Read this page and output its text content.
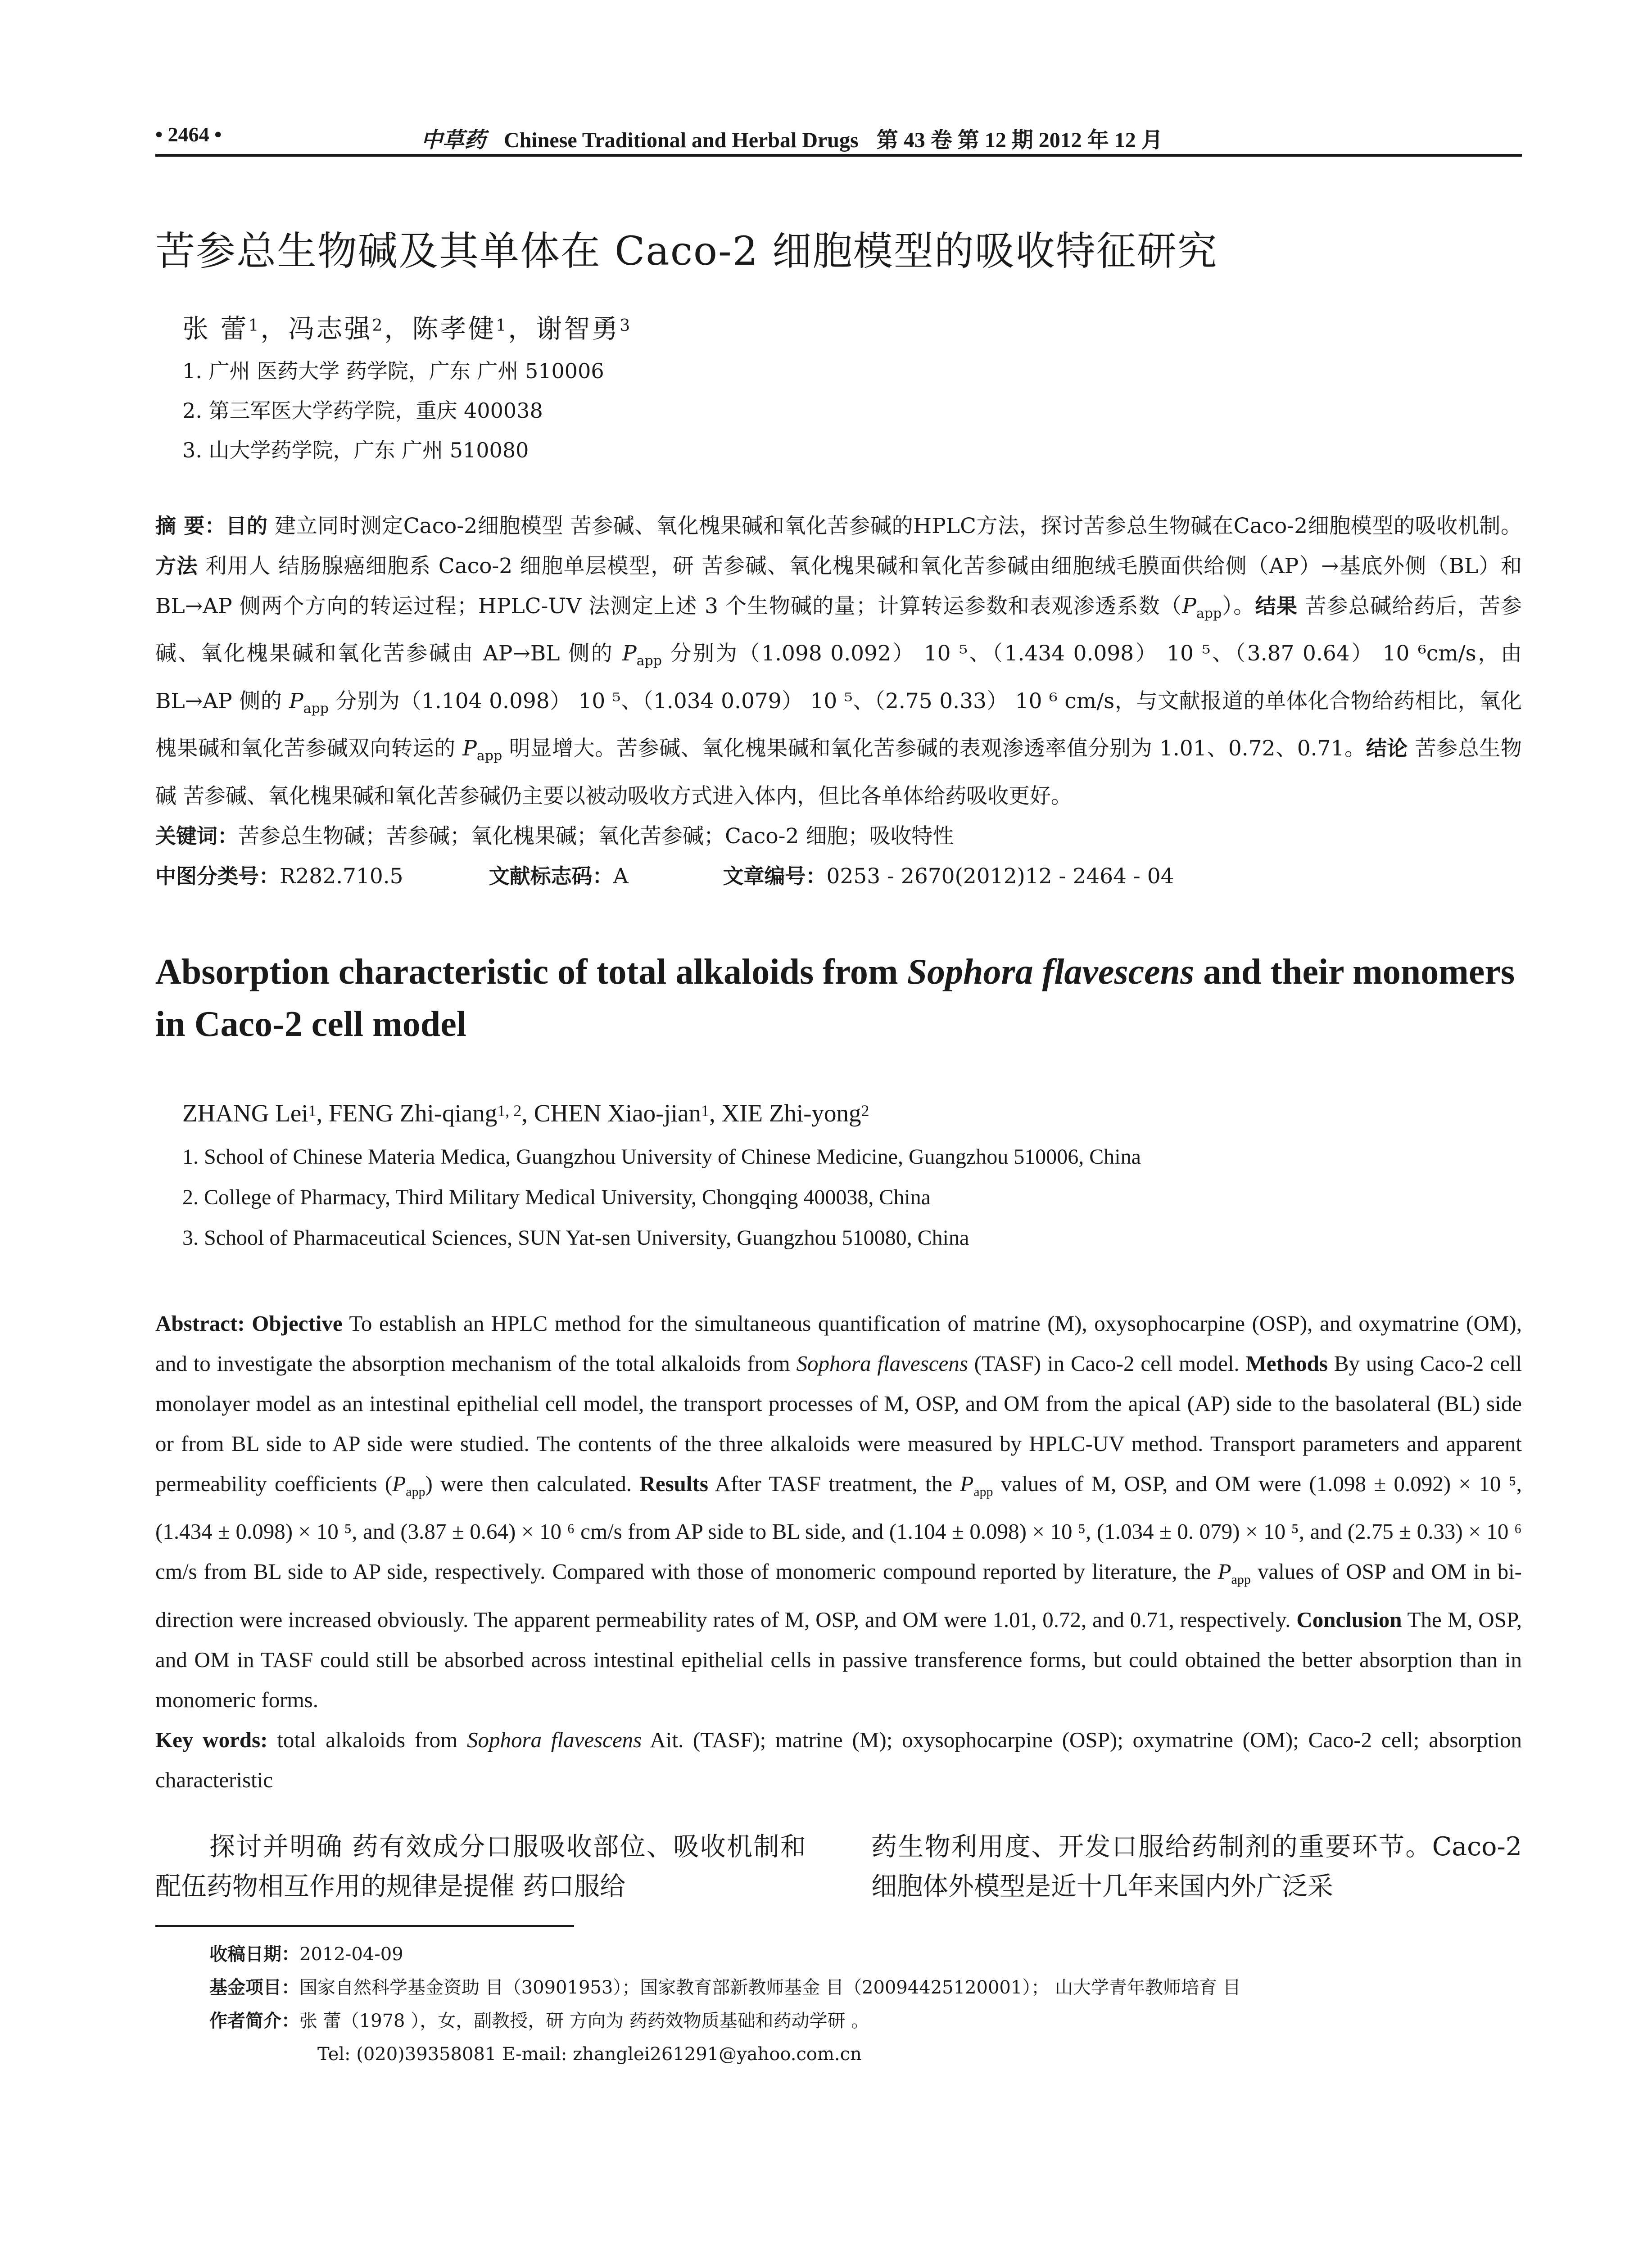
• 2464 •	中草药 Chinese Traditional and Herbal Drugs 第 43 卷 第 12 期 2012 年 12 月
苦参总生物碱及其单体在 Caco-2 细胞模型的吸收特征研究
张 蕾$^1$，冯志强$^2$，陈孝健$^1$，谢智勇$^3$
1. 广州 医药大学 药学院，广东 广州 510006
2. 第三军医大学药学院，重庆 400038
3. 山大学药学院，广东 广州 510080
摘 要：目的 建立同时测定Caco-2细胞模型 苦参碱、氧化槐果碱和氧化苦参碱的HPLC方法，探讨苦参总生物碱在Caco-2细胞模型的吸收机制。方法 利用人 结肠腺癌细胞系 Caco-2 细胞单层模型，研 苦参碱、氧化槐果碱和氧化苦参碱由细胞绒毛膜面供给侧（AP）→基底外侧（BL）和 BL→AP 侧两个方向的转运过程；HPLC-UV 法测定上述 3 个生物碱的量；计算转运参数和表观渗透系数$(P_{app})$。结果 苦参总碱给药后，苦参碱、氧化槐果碱和氧化苦参碱由 AP→BL 侧的 $P_{app}$ 分别为（1.098 0.092） 10 ⁵、（1.434 0.098） 10 ⁵、（3.87 0.64） 10 ⁶cm/s，由 BL→AP 侧的 $P_{app}$ 分别为（1.104 0.098） 10 ⁵、（1.034 0.079） 10 ⁵、（2.75 0.33） 10 ⁶ cm/s，与文献报道的单体化合物给药相比，氧化槐果碱和氧化苦参碱双向转运的 $P_{app}$ 明显增大。苦参碱、氧化槐果碱和氧化苦参碱的表观渗透率值分别为 1.01、0.72、0.71。结论 苦参总生物碱 苦参碱、氧化槐果碱和氧化苦参碱仍主要以被动吸收方式进入体内，但比各单体给药吸收更好。
关键词：苦参总生物碱；苦参碱；氧化槐果碱；氧化苦参碱；Caco-2 细胞；吸收特性
中图分类号：R282.710.5	文献标志码：A	文章编号：0253 - 2670(2012)12 - 2464 - 04
Absorption characteristic of total alkaloids from Sophora flavescens and their monomers in Caco-2 cell model
ZHANG Lei$^1$, FENG Zhi-qiang$^{1, 2}$, CHEN Xiao-jian$^1$, XIE Zhi-yong$^2$
1. School of Chinese Materia Medica, Guangzhou University of Chinese Medicine, Guangzhou 510006, China
2. College of Pharmacy, Third Military Medical University, Chongqing 400038, China
3. School of Pharmaceutical Sciences, SUN Yat-sen University, Guangzhou 510080, China
Abstract: Objective To establish an HPLC method for the simultaneous quantification of matrine (M), oxysophocarpine (OSP), and oxymatrine (OM), and to investigate the absorption mechanism of the total alkaloids from Sophora flavescens (TASF) in Caco-2 cell model. Methods By using Caco-2 cell monolayer model as an intestinal epithelial cell model, the transport processes of M, OSP, and OM from the apical (AP) side to the basolateral (BL) side or from BL side to AP side were studied. The contents of the three alkaloids were measured by HPLC-UV method. Transport parameters and apparent permeability coefficients $(P_{app})$ were then calculated. Results After TASF treatment, the $P_{app}$ values of M, OSP, and OM were (1.098 ± 0.092) × 10 ⁵, (1.434 ± 0.098) × 10 ⁵, and (3.87 ± 0.64) × 10 ⁶ cm/s from AP side to BL side, and (1.104 ± 0.098) × 10 ⁵, (1.034 ± 0. 079) × 10 ⁵, and (2.75 ± 0.33) × 10 ⁶ cm/s from BL side to AP side, respectively. Compared with those of monomeric compound reported by literature, the $P_{app}$ values of OSP and OM in bi-direction were increased obviously. The apparent permeability rates of M, OSP, and OM were 1.01, 0.72, and 0.71, respectively. Conclusion The M, OSP, and OM in TASF could still be absorbed across intestinal epithelial cells in passive transference forms, but could obtained the better absorption than in monomeric forms.
Key words: total alkaloids from Sophora flavescens Ait. (TASF); matrine (M); oxysophocarpine (OSP); oxymatrine (OM); Caco-2 cell; absorption characteristic

探讨并明确 药有效成分口服吸收部位、吸收机制和配伍药物相互作用的规律是提催 药口服给

药生物利用度、开发口服给药制剂的重要环节。Caco-2 细胞体外模型是近十几年来国内外广泛采

收稿日期：2012-04-09
基金项目：国家自然科学基金资助 目（30901953）；国家教育部新教师基金 目（20094425120001）； 山大学青年教师培育 目
作者简介：张 蕾（1978 ），女，副教授，研 方向为 药药效物质基础和药动学研 。
Tel: (020)39358081 E-mail: zhanglei261291@yahoo.com.cn
